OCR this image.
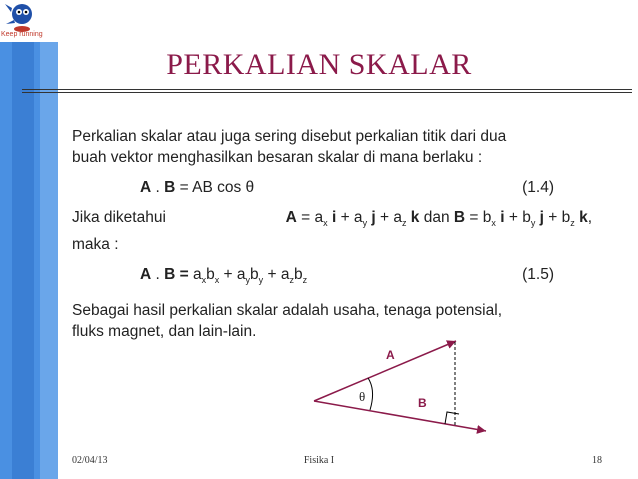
Keep running
PERKALIAN SKALAR
Perkalian skalar atau juga sering disebut perkalian titik dari dua
buah vektor menghasilkan besaran skalar di mana berlaku :
A . B = AB cos θ	(1.4)
Jika diketahui	$A = a_x$ $i + a_y$ $j + a_z$ k dan $B = b_x$ $i + b_y$ $j + b_z$ k,
maka :
A . $B = a_xb_x + a_yb_y + a_zb_z$	(1.5)
Sebagai hasil perkalian skalar adalah usaha, tenaga potensial,
fluks magnet, dan lain-lain.
A
B
θ
02/04/13	Fisika I	18
